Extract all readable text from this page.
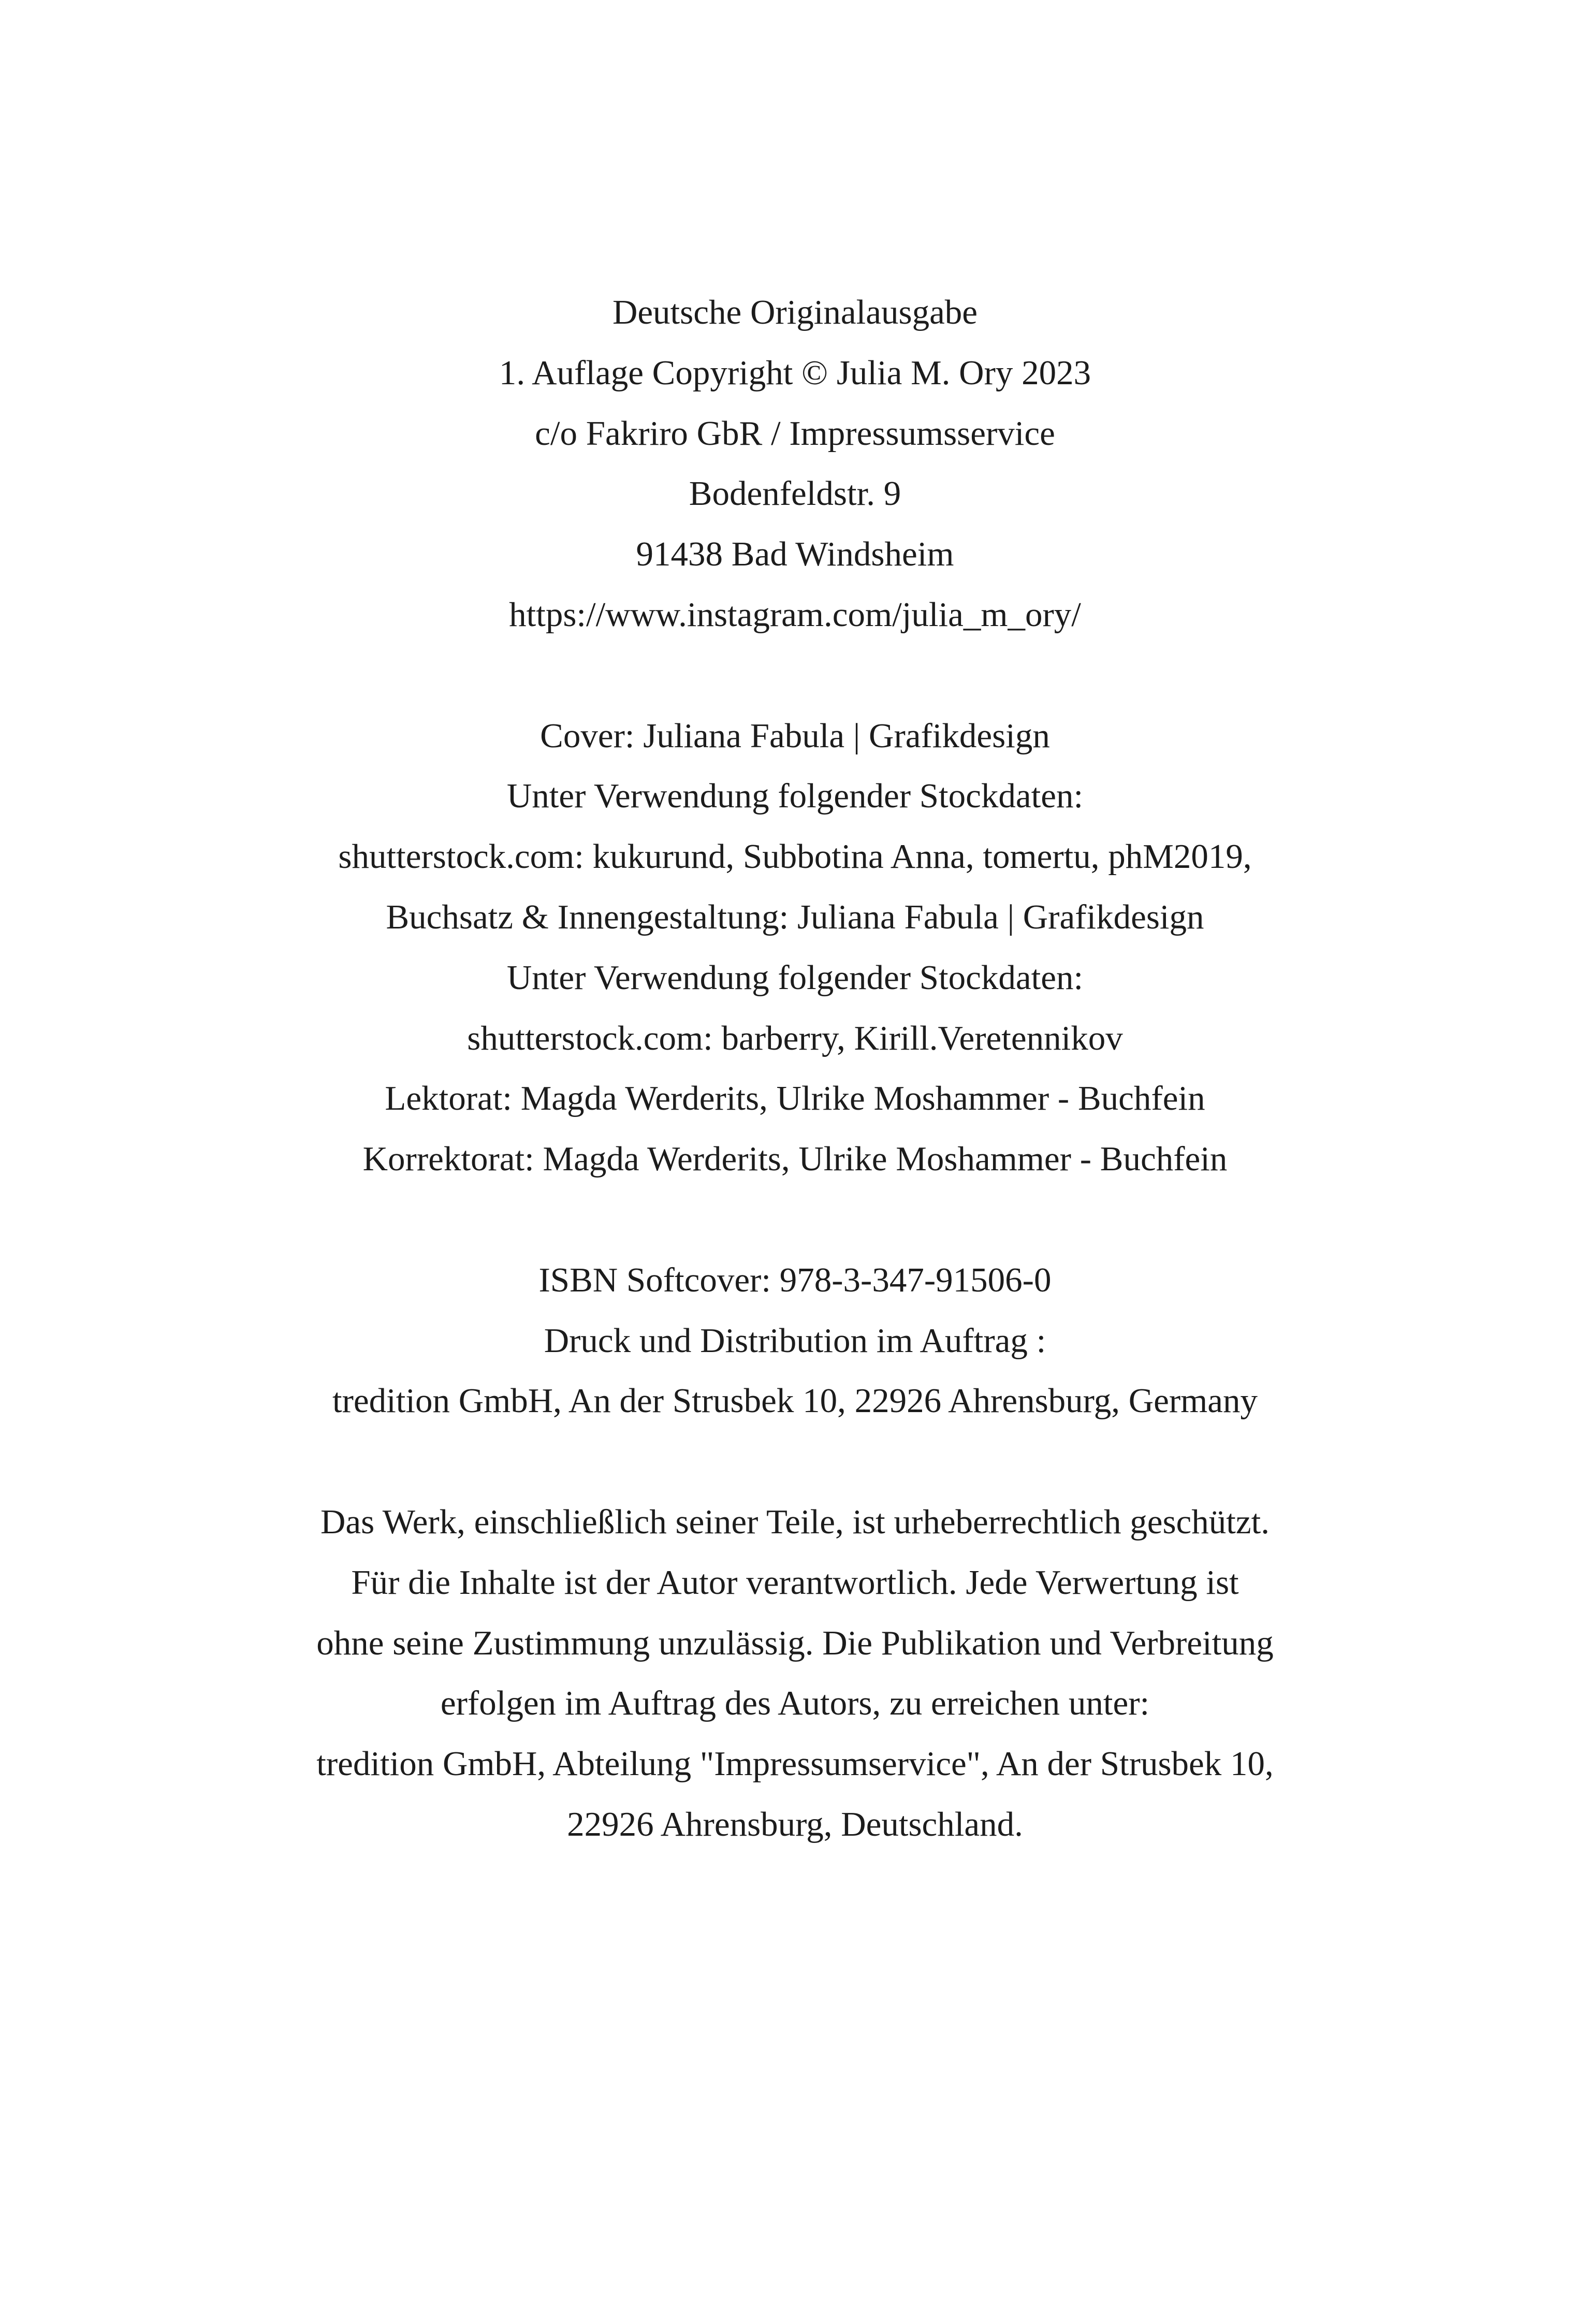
Deutsche Originalausgabe
1. Auflage Copyright © Julia M. Ory 2023
c/o Fakriro GbR / Impressumsservice
Bodenfeldstr. 9
91438 Bad Windsheim
https://www.instagram.com/julia_m_ory/

Cover: Juliana Fabula | Grafikdesign
Unter Verwendung folgender Stockdaten:
shutterstock.com: kukurund, Subbotina Anna, tomertu, phM2019,
Buchsatz & Innengestaltung: Juliana Fabula | Grafikdesign
Unter Verwendung folgender Stockdaten:
shutterstock.com: barberry, Kirill.Veretennikov
Lektorat: Magda Werderits, Ulrike Moshammer - Buchfein
Korrektorat: Magda Werderits, Ulrike Moshammer - Buchfein

ISBN Softcover: 978-3-347-91506-0
Druck und Distribution im Auftrag :
tredition GmbH, An der Strusbek 10, 22926 Ahrensburg, Germany

Das Werk, einschließlich seiner Teile, ist urheberrechtlich geschützt.
Für die Inhalte ist der Autor verantwortlich. Jede Verwertung ist
ohne seine Zustimmung unzulässig. Die Publikation und Verbreitung
erfolgen im Auftrag des Autors, zu erreichen unter:
tredition GmbH, Abteilung "Impressumservice", An der Strusbek 10,
22926 Ahrensburg, Deutschland.
